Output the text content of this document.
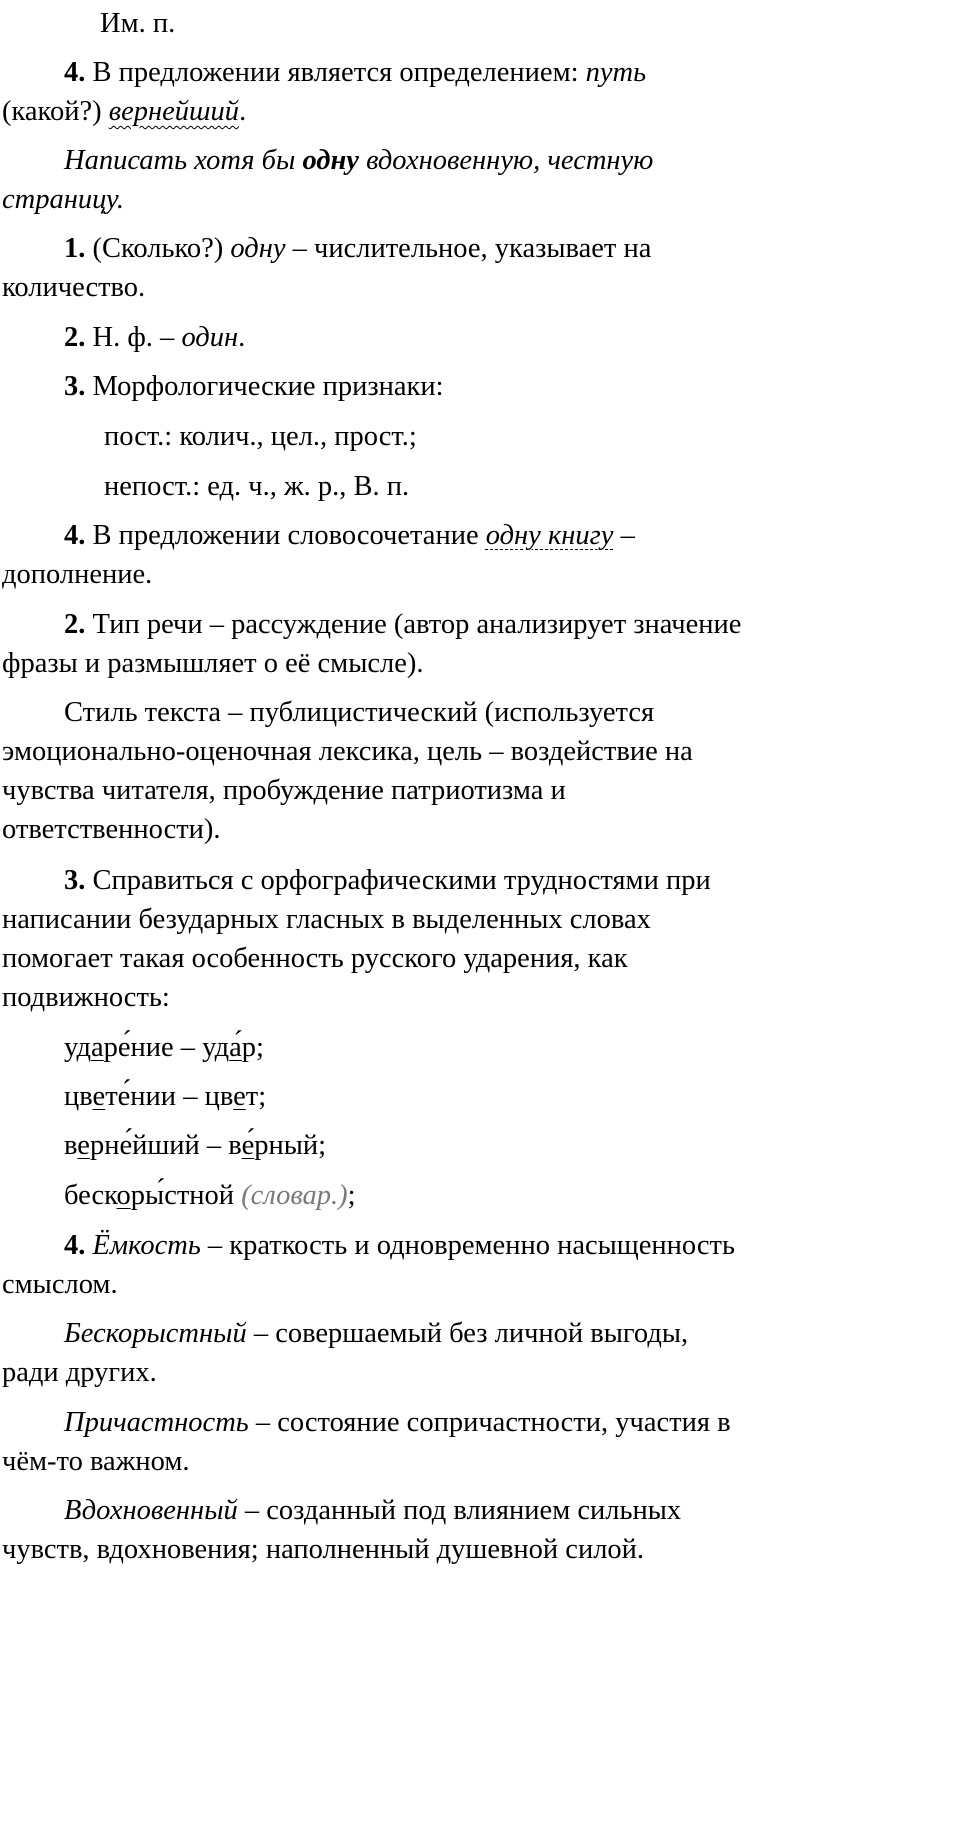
Им. п.

4. В предложении является определением: путь

(какой?) вернейший.

Написать хотя бы одну вдохновенную, честную

страницу.

1. (Сколько?) одну – числительное, указывает на

количество.

2. Н. ф. – один.

3. Морфологические признаки:

пост.: колич., цел., прост.;

непост.: ед. ч., ж. р., В. п.

4. В предложении словосочетание одну книгу –

дополнение.

2. Тип речи – рассуждение (автор анализирует значение

фразы и размышляет о её смысле).

Стиль текста – публицистический (используется

эмоционально-оценочная лексика, цель – воздействие на

чувства читателя, пробуждение патриотизма и

ответственности).

3. Справиться с орфографическими трудностями при

написании безударных гласных в выделенных словах

помогает такая особенность русского ударения, как

подвижность:

ударе́ние – уда́р;

цвете́нии – цвет;

верне́йший – ве́рный;

бескоры́стной (словар.);

4. Ёмкость – краткость и одновременно насыщенность

смыслом.

Бескорыстный – совершаемый без личной выгоды,

ради других.

Причастность – состояние сопричастности, участия в

чём-то важном.

Вдохновенный – созданный под влиянием сильных

чувств, вдохновения; наполненный душевной силой.
